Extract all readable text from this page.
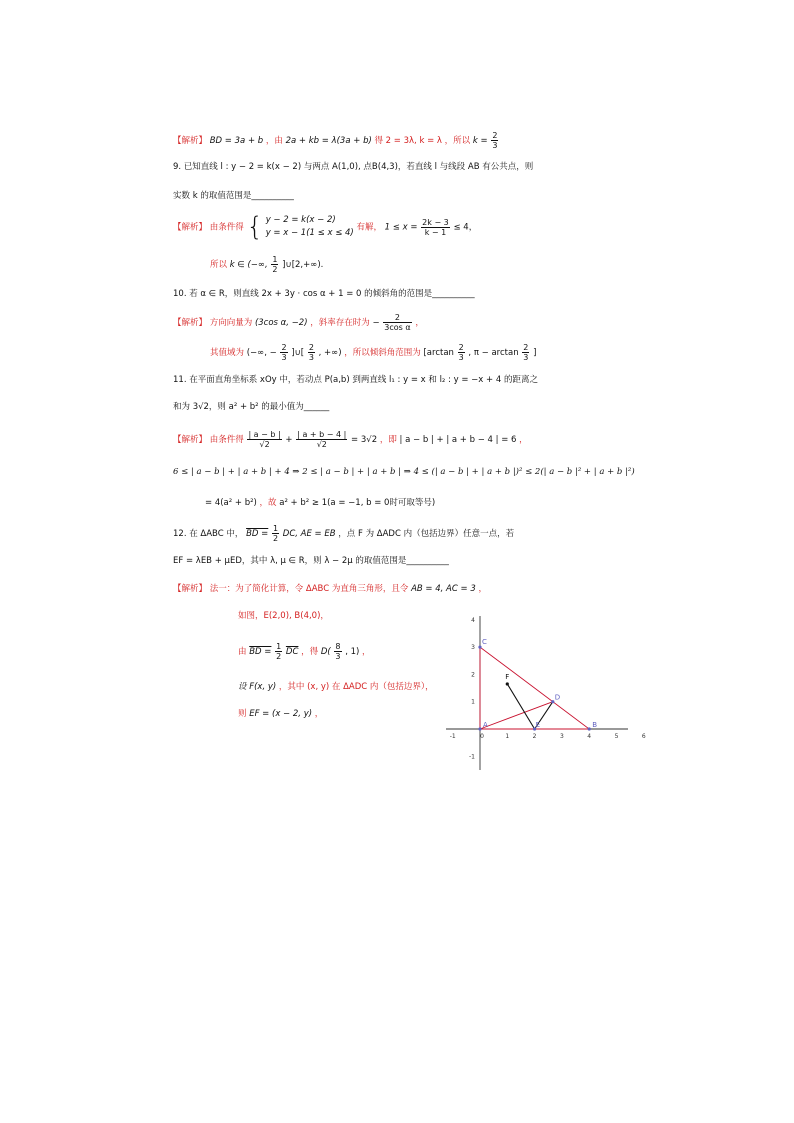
【解析】 BD = 3a + b ，由 2a + kb = λ(3a + b) 得 2 = 3λ, k = λ ，所以 $k = \frac{2}{3}$
9. 已知直线 l : y − 2 = k(x − 2) 与两点 A(1,0), 点B(4,3)，若直线 l 与线段 AB 有公共点，则
实数 k 的取值范围是__________
【解析】 由条件得 { y − 2 = k(x − 2)
y = x − 1(1 ≤ x ≤ 4)
有解， $1 \le x = \frac{2k - 3}{k - 1} \le 4$，
所以 k ∈ (−∞, $\frac{1}{2}$ ]∪[2,+∞).
10. 若 α ∈ R，则直线 2x + 3y · cos α + 1 = 0 的倾斜角的范围是__________
【解析】 方向向量为 (3cos α, −2) ，斜率存在时为 − $\frac{2}{\text{3cos α}}$ ，
其值域为 (−∞, − $\frac{2}{3}$ ]∪[ $\frac{2}{3}$ , +∞) ，所以倾斜角范围为 [$\arctan \frac{2}{3}$ , $\pi - \arctan \frac{2}{3}$ ]
11. 在平面直角坐标系 xOy 中，若动点 P(a,b) 到两直线 l₁ : y = x 和 l₂ : y = −x + 4 的距离之
和为 3√2，则 a² + b² 的最小值为______
【解析】 由条件得 $\frac{| a - b |}{√2} + \frac{| a + b - 4 |}{√2} = 3√2$ ，即 | a − b | + | a + b − 4 | = 6 ，
6 ≤ | a − b | + | a + b | + 4 ⇒ 2 ≤ | a − b | + | a + b | ⇒ 4 ≤ (| a − b | + | a + b |)² ≤ 2(| a − b |² + | a + b |²)
= 4(a² + b²) ，故 a² + b² ≥ 1(a = −1, b = 0时可取等号)
12. 在 ΔABC 中， BD = $\frac{1}{2}$ DC, AE = EB ，点 F 为 ΔADC 内（包括边界）任意一点，若
EF = λEB + μED，其中 λ, μ ∈ R，则 λ − 2μ 的取值范围是__________
【解析】 法一：为了简化计算，令 ΔABC 为直角三角形，且令 AB = 4, AC = 3 ，
如图，E(2,0), B(4,0)，
由 BD = $\frac{1}{2} \overline{DC}$ ，得 $D( \frac{8}{3}$ , 1) ，
设 F(x, y) ，其中 (x, y) 在 ΔADC 内（包括边界），
则 EF = (x − 2, y) ，
-1	0	1	2	3	4	5	6
-1
1
2
3
4
A	B
C
D
E
F
